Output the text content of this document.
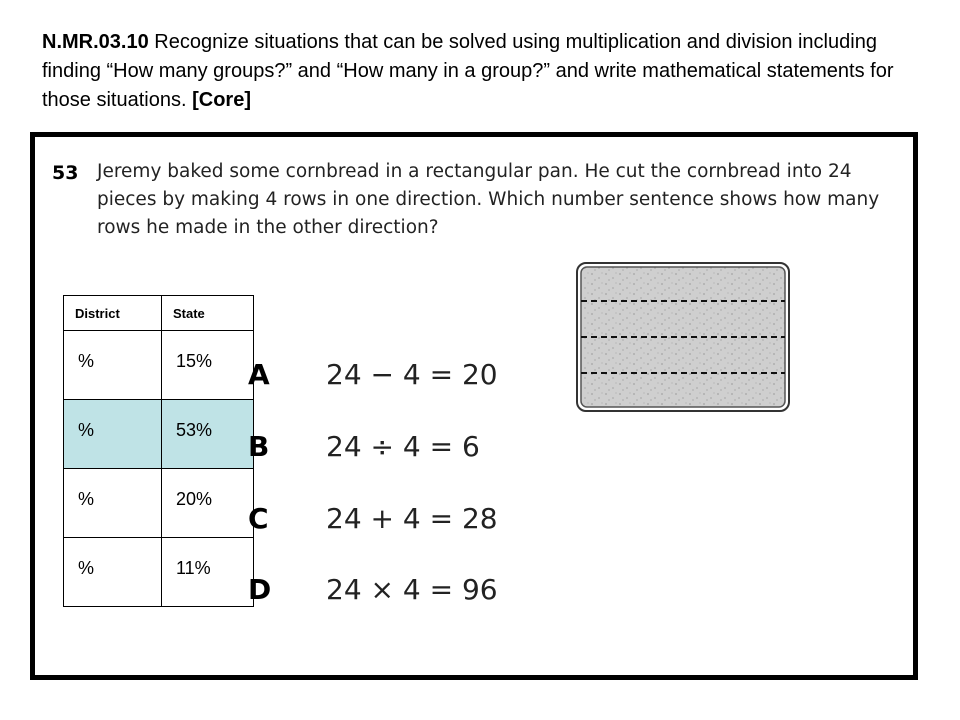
N.MR.03.10 Recognize situations that can be solved using multiplication and division including finding “How many groups?” and “How many in a group?” and write mathematical statements for those situations. [Core]
53 Jeremy baked some cornbread in a rectangular pan. He cut the cornbread into 24 pieces by making 4 rows in one direction. Which number sentence shows how many rows he made in the other direction?
District	State
%	15%
%	53%
%	20%
%	11%
A 24 − 4 = 20
B 24 ÷ 4 = 6
C 24 + 4 = 28
D 24 × 4 = 96
